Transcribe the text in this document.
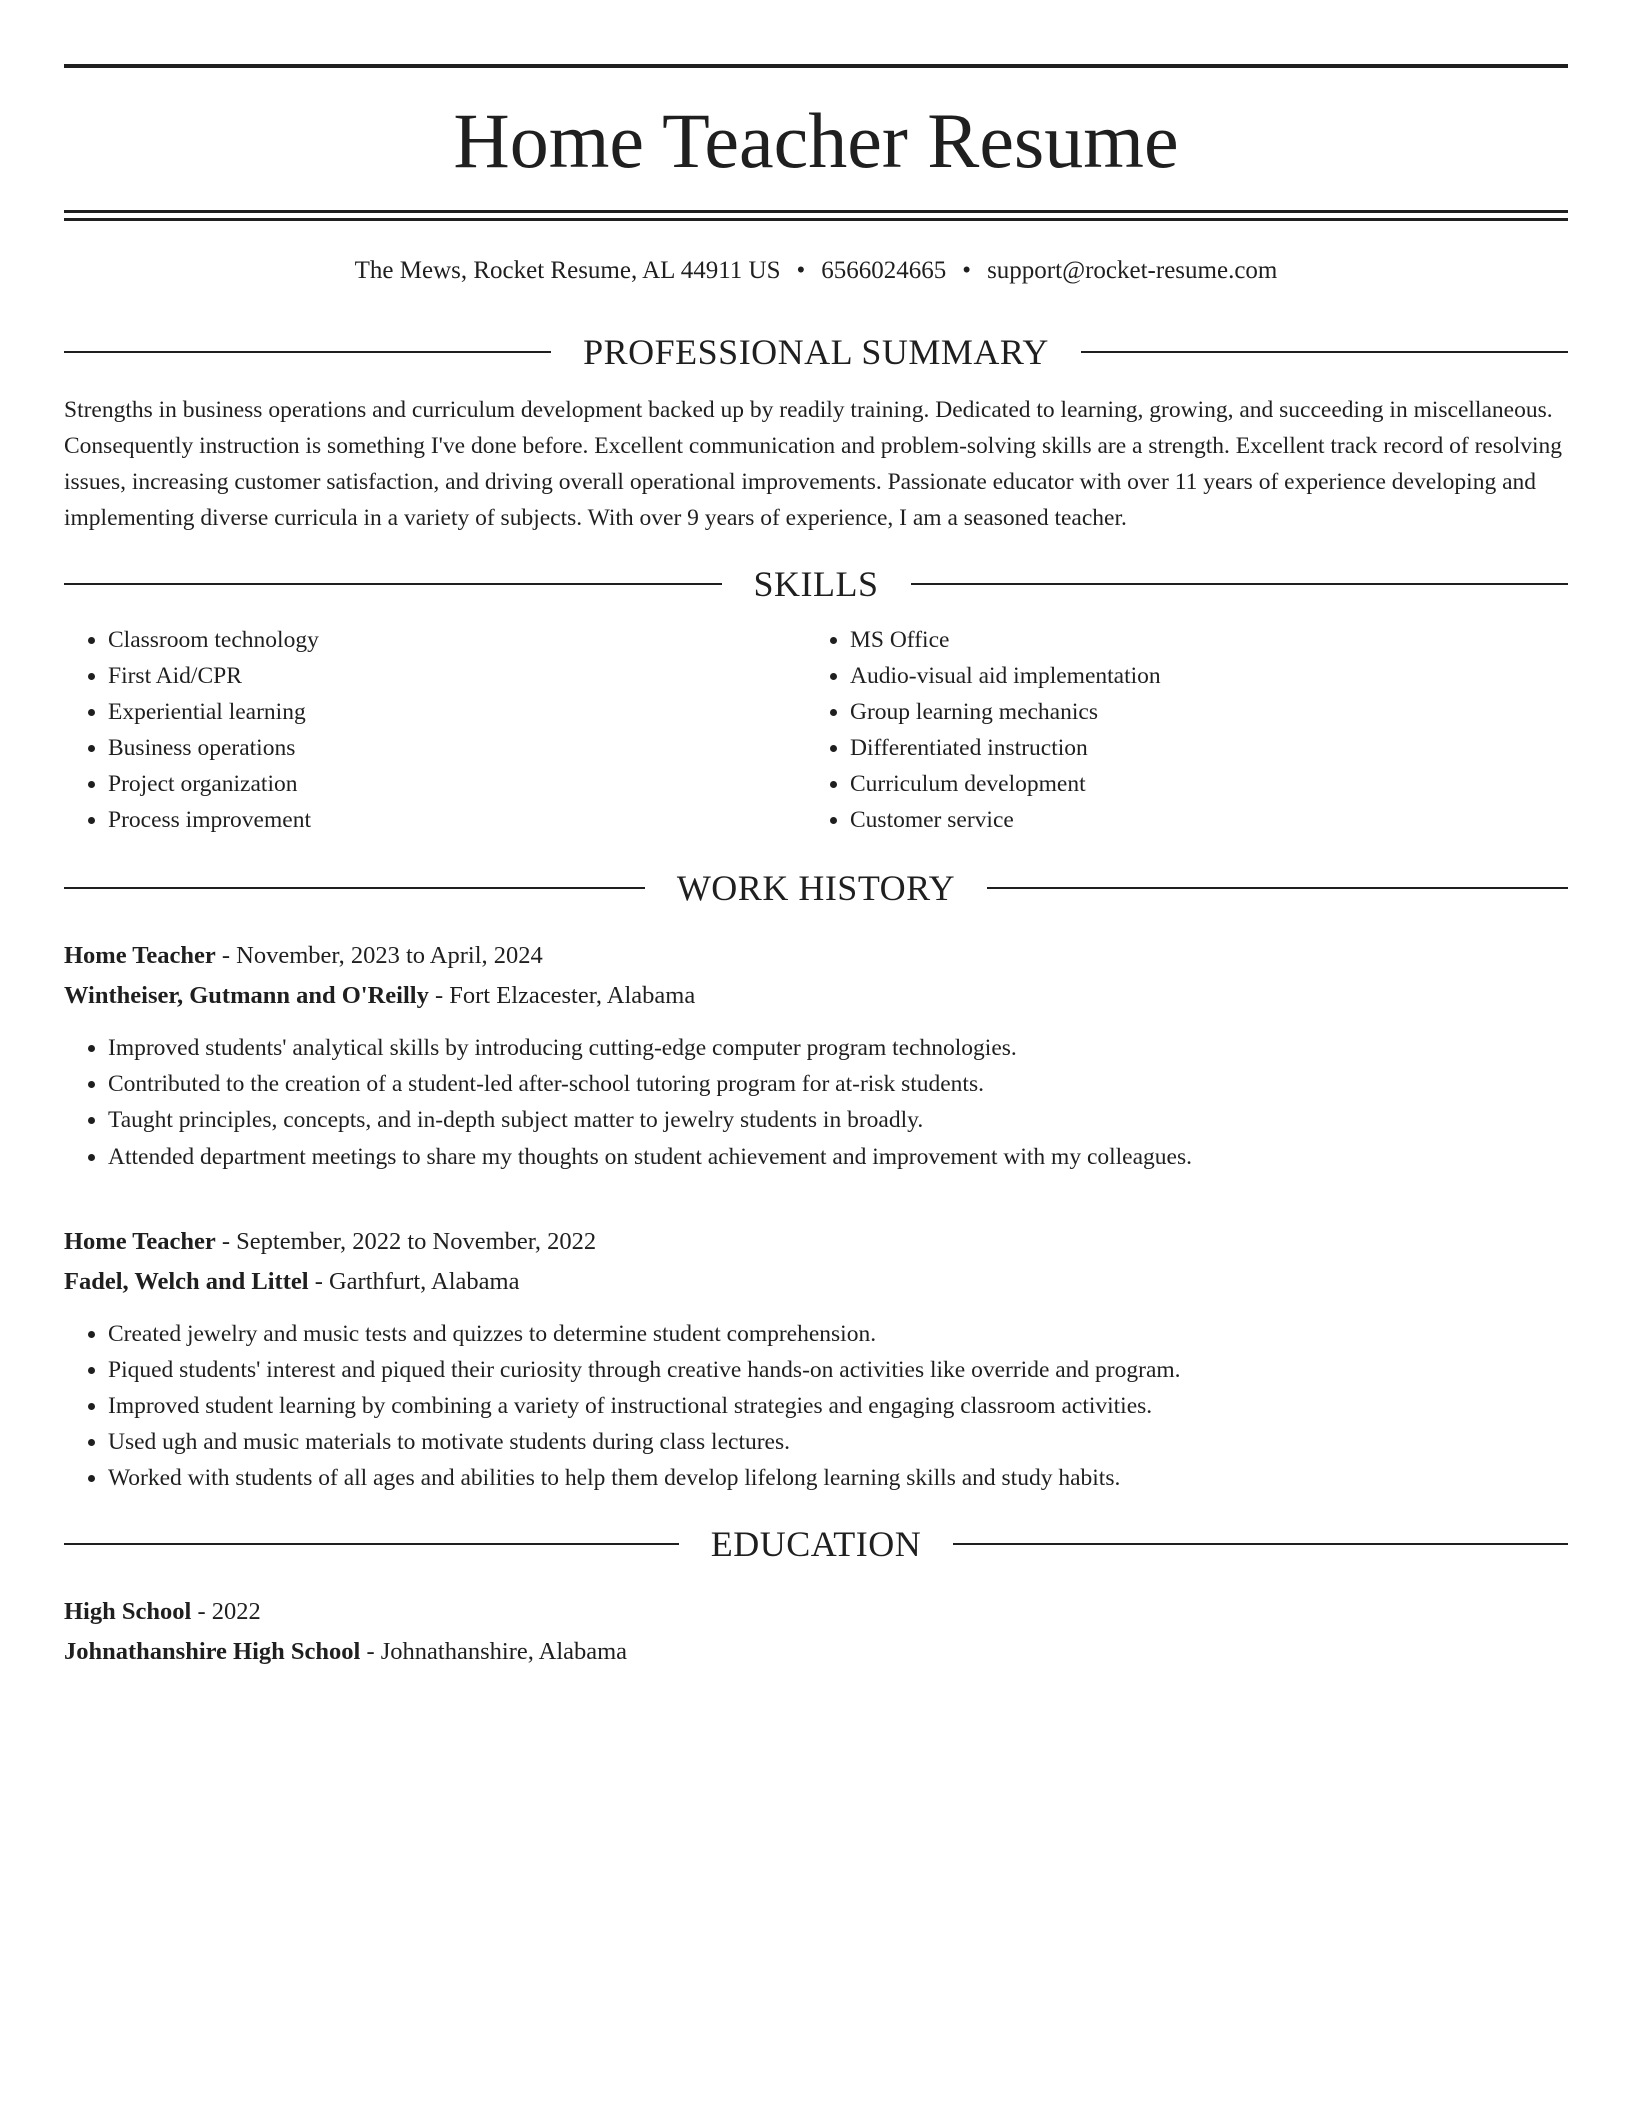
Home Teacher Resume
The Mews, Rocket Resume, AL 44911 US • 6566024665 • support@rocket-resume.com
PROFESSIONAL SUMMARY
Strengths in business operations and curriculum development backed up by readily training. Dedicated to learning, growing, and succeeding in miscellaneous. Consequently instruction is something I've done before. Excellent communication and problem-solving skills are a strength. Excellent track record of resolving issues, increasing customer satisfaction, and driving overall operational improvements. Passionate educator with over 11 years of experience developing and implementing diverse curricula in a variety of subjects. With over 9 years of experience, I am a seasoned teacher.
SKILLS
• Classroom technology
• First Aid/CPR
• Experiential learning
• Business operations
• Project organization
• Process improvement
• MS Office
• Audio-visual aid implementation
• Group learning mechanics
• Differentiated instruction
• Curriculum development
• Customer service
WORK HISTORY
Home Teacher - November, 2023 to April, 2024
Wintheiser, Gutmann and O'Reilly - Fort Elzacester, Alabama
• Improved students' analytical skills by introducing cutting-edge computer program technologies.
• Contributed to the creation of a student-led after-school tutoring program for at-risk students.
• Taught principles, concepts, and in-depth subject matter to jewelry students in broadly.
• Attended department meetings to share my thoughts on student achievement and improvement with my colleagues.
Home Teacher - September, 2022 to November, 2022
Fadel, Welch and Littel - Garthfurt, Alabama
• Created jewelry and music tests and quizzes to determine student comprehension.
• Piqued students' interest and piqued their curiosity through creative hands-on activities like override and program.
• Improved student learning by combining a variety of instructional strategies and engaging classroom activities.
• Used ugh and music materials to motivate students during class lectures.
• Worked with students of all ages and abilities to help them develop lifelong learning skills and study habits.
EDUCATION
High School - 2022
Johnathanshire High School - Johnathanshire, Alabama
